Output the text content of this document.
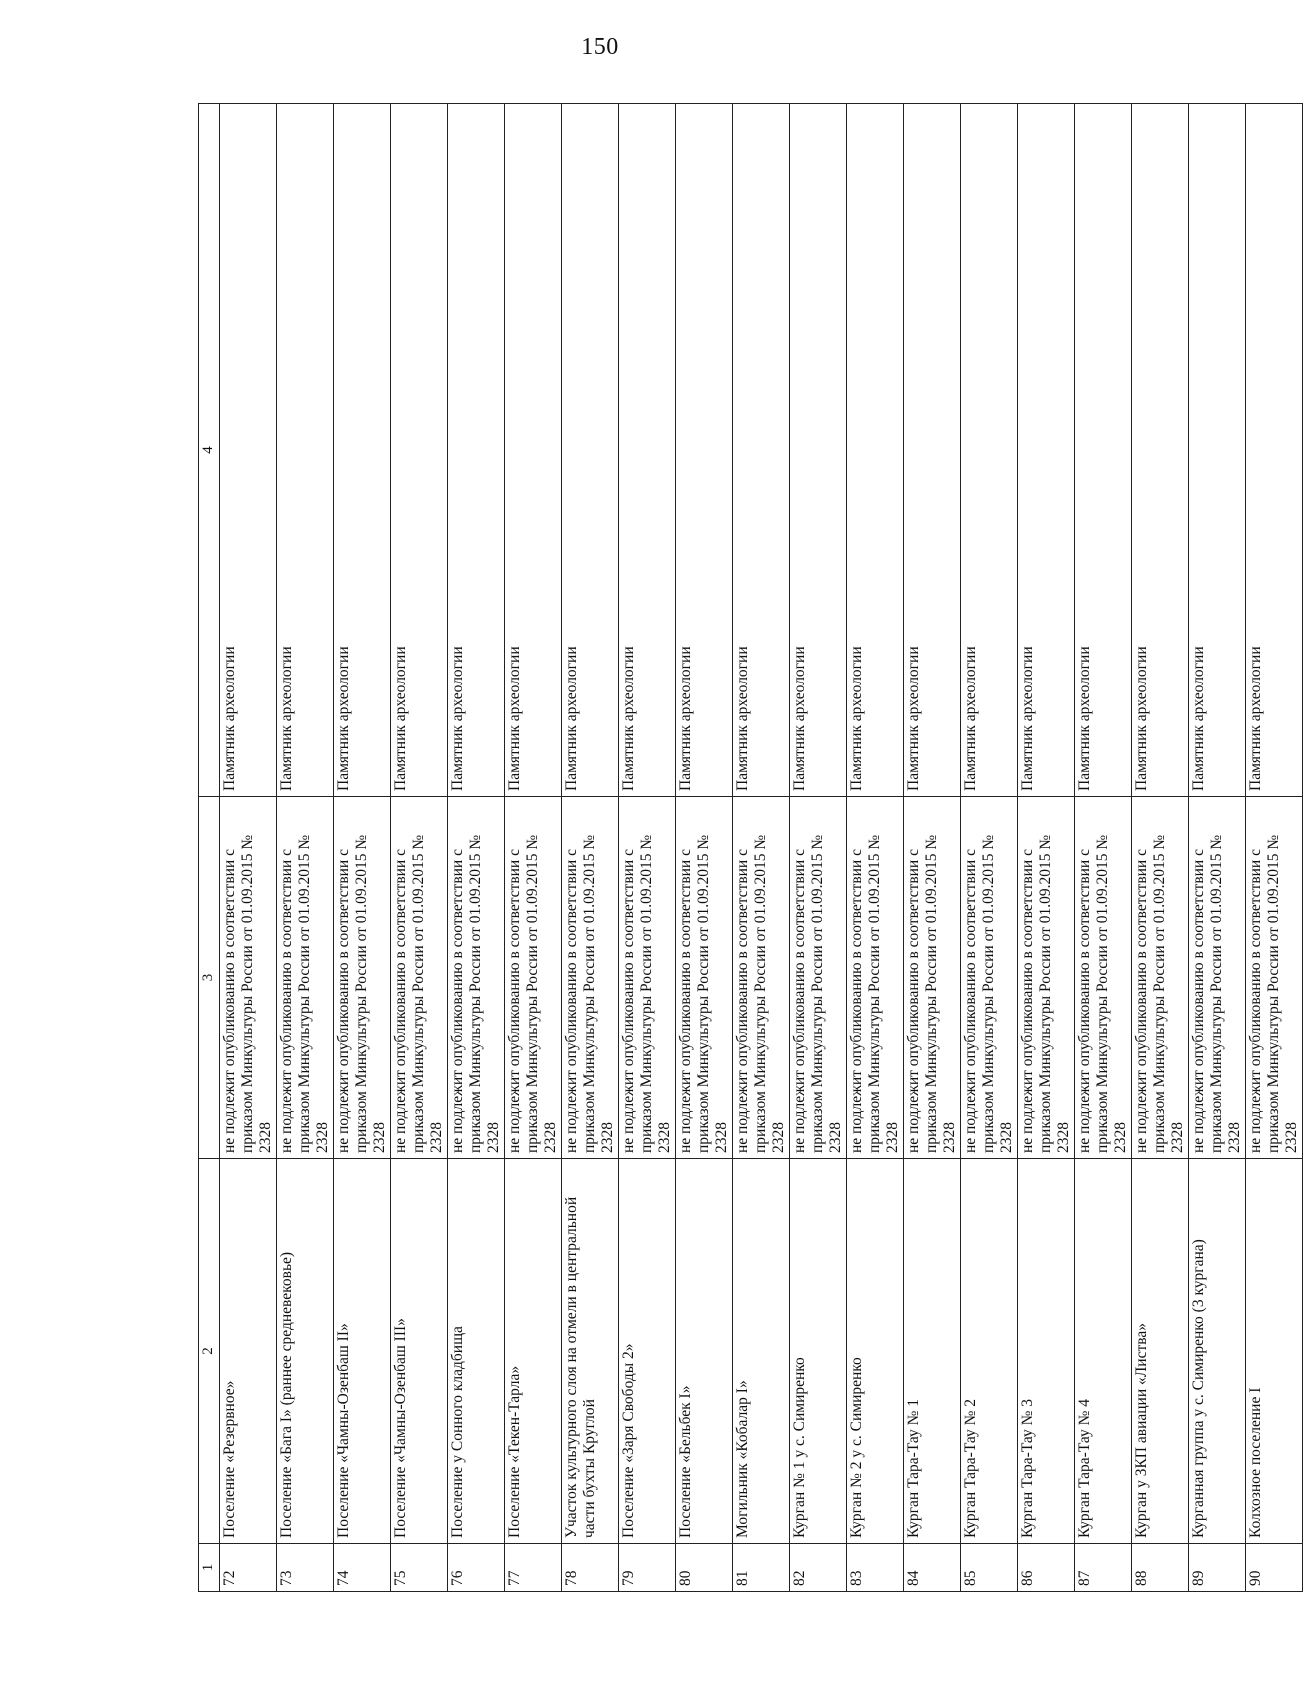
150
1	2	3	4
72	Поселение «Резервное»	не подлежит опубликованию в соответствии с приказом Минкультуры России от 01.09.2015 № 2328	Памятник археологии
73	Поселение «Бага I» (раннее средневековье)	не подлежит опубликованию в соответствии с приказом Минкультуры России от 01.09.2015 № 2328	Памятник археологии
74	Поселение «Чамны-Озенбаш II»	не подлежит опубликованию в соответствии с приказом Минкультуры России от 01.09.2015 № 2328	Памятник археологии
75	Поселение «Чамны-Озенбаш III»	не подлежит опубликованию в соответствии с приказом Минкультуры России от 01.09.2015 № 2328	Памятник археологии
76	Поселение у Сонного кладбища	не подлежит опубликованию в соответствии с приказом Минкультуры России от 01.09.2015 № 2328	Памятник археологии
77	Поселение «Текен-Тарла»	не подлежит опубликованию в соответствии с приказом Минкультуры России от 01.09.2015 № 2328	Памятник археологии
78	Участок культурного слоя на отмели в центральной части бухты Круглой	не подлежит опубликованию в соответствии с приказом Минкультуры России от 01.09.2015 № 2328	Памятник археологии
79	Поселение «Заря Свободы 2»	не подлежит опубликованию в соответствии с приказом Минкультуры России от 01.09.2015 № 2328	Памятник археологии
80	Поселение «Бельбек I»	не подлежит опубликованию в соответствии с приказом Минкультуры России от 01.09.2015 № 2328	Памятник археологии
81	Могильник «Кобалар I»	не подлежит опубликованию в соответствии с приказом Минкультуры России от 01.09.2015 № 2328	Памятник археологии
82	Курган № 1 у с. Симиренко	не подлежит опубликованию в соответствии с приказом Минкультуры России от 01.09.2015 № 2328	Памятник археологии
83	Курган № 2 у с. Симиренко	не подлежит опубликованию в соответствии с приказом Минкультуры России от 01.09.2015 № 2328	Памятник археологии
84	Курган Тара-Тау № 1	не подлежит опубликованию в соответствии с приказом Минкультуры России от 01.09.2015 № 2328	Памятник археологии
85	Курган Тара-Тау № 2	не подлежит опубликованию в соответствии с приказом Минкультуры России от 01.09.2015 № 2328	Памятник археологии
86	Курган Тара-Тау № 3	не подлежит опубликованию в соответствии с приказом Минкультуры России от 01.09.2015 № 2328	Памятник археологии
87	Курган Тара-Тау № 4	не подлежит опубликованию в соответствии с приказом Минкультуры России от 01.09.2015 № 2328	Памятник археологии
88	Курган у ЗКП авиации «Листва»	не подлежит опубликованию в соответствии с приказом Минкультуры России от 01.09.2015 № 2328	Памятник археологии
89	Курганная группа у с. Симиренко (3 кургана)	не подлежит опубликованию в соответствии с приказом Минкультуры России от 01.09.2015 № 2328	Памятник археологии
90	Колхозное поселение I	не подлежит опубликованию в соответствии с приказом Минкультуры России от 01.09.2015 № 2328	Памятник археологии
